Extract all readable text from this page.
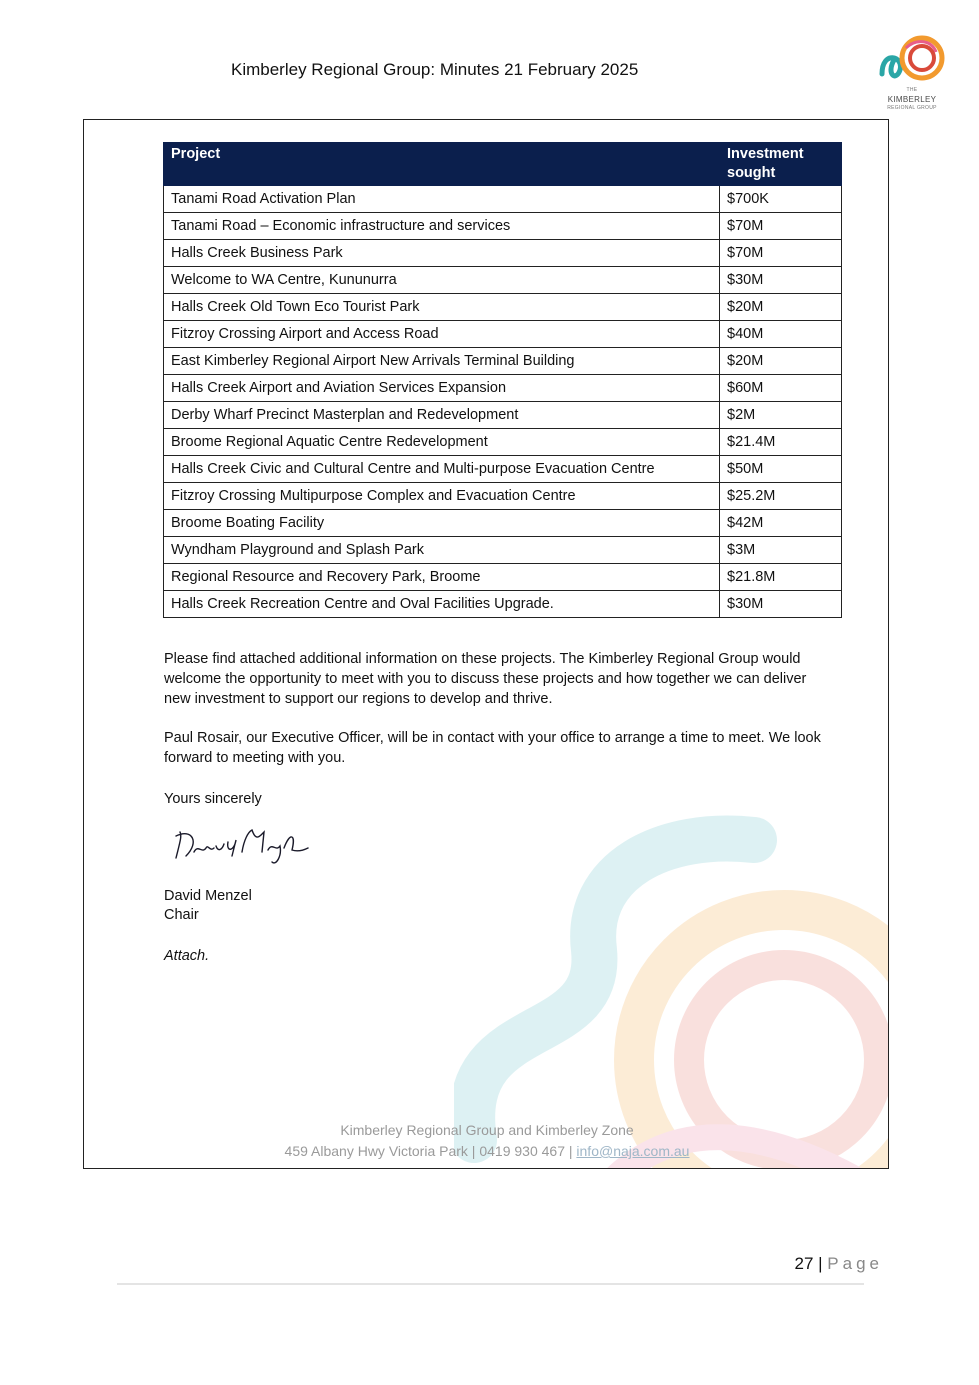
Kimberley Regional Group: Minutes 21 February 2025
THE
KIMBERLEY
REGIONAL GROUP
Project	Investment sought
Tanami Road Activation Plan	$700K
Tanami Road – Economic infrastructure and services	$70M
Halls Creek Business Park	$70M
Welcome to WA Centre, Kununurra	$30M
Halls Creek Old Town Eco Tourist Park	$20M
Fitzroy Crossing Airport and Access Road	$40M
East Kimberley Regional Airport New Arrivals Terminal Building	$20M
Halls Creek Airport and Aviation Services Expansion	$60M
Derby Wharf Precinct Masterplan and Redevelopment	$2M
Broome Regional Aquatic Centre Redevelopment	$21.4M
Halls Creek Civic and Cultural Centre and Multi-purpose Evacuation Centre	$50M
Fitzroy Crossing Multipurpose Complex and Evacuation Centre	$25.2M
Broome Boating Facility	$42M
Wyndham Playground and Splash Park	$3M
Regional Resource and Recovery Park, Broome	$21.8M
Halls Creek Recreation Centre and Oval Facilities Upgrade.	$30M
Please find attached additional information on these projects. The Kimberley Regional Group would welcome the opportunity to meet with you to discuss these projects and how together we can deliver new investment to support our regions to develop and thrive.
Paul Rosair, our Executive Officer, will be in contact with your office to arrange a time to meet. We look forward to meeting with you.
Yours sincerely
David Menzel
Chair
Attach.
Kimberley Regional Group and Kimberley Zone
459 Albany Hwy Victoria Park | 0419 930 467 | info@naja.com.au
27 | Page
